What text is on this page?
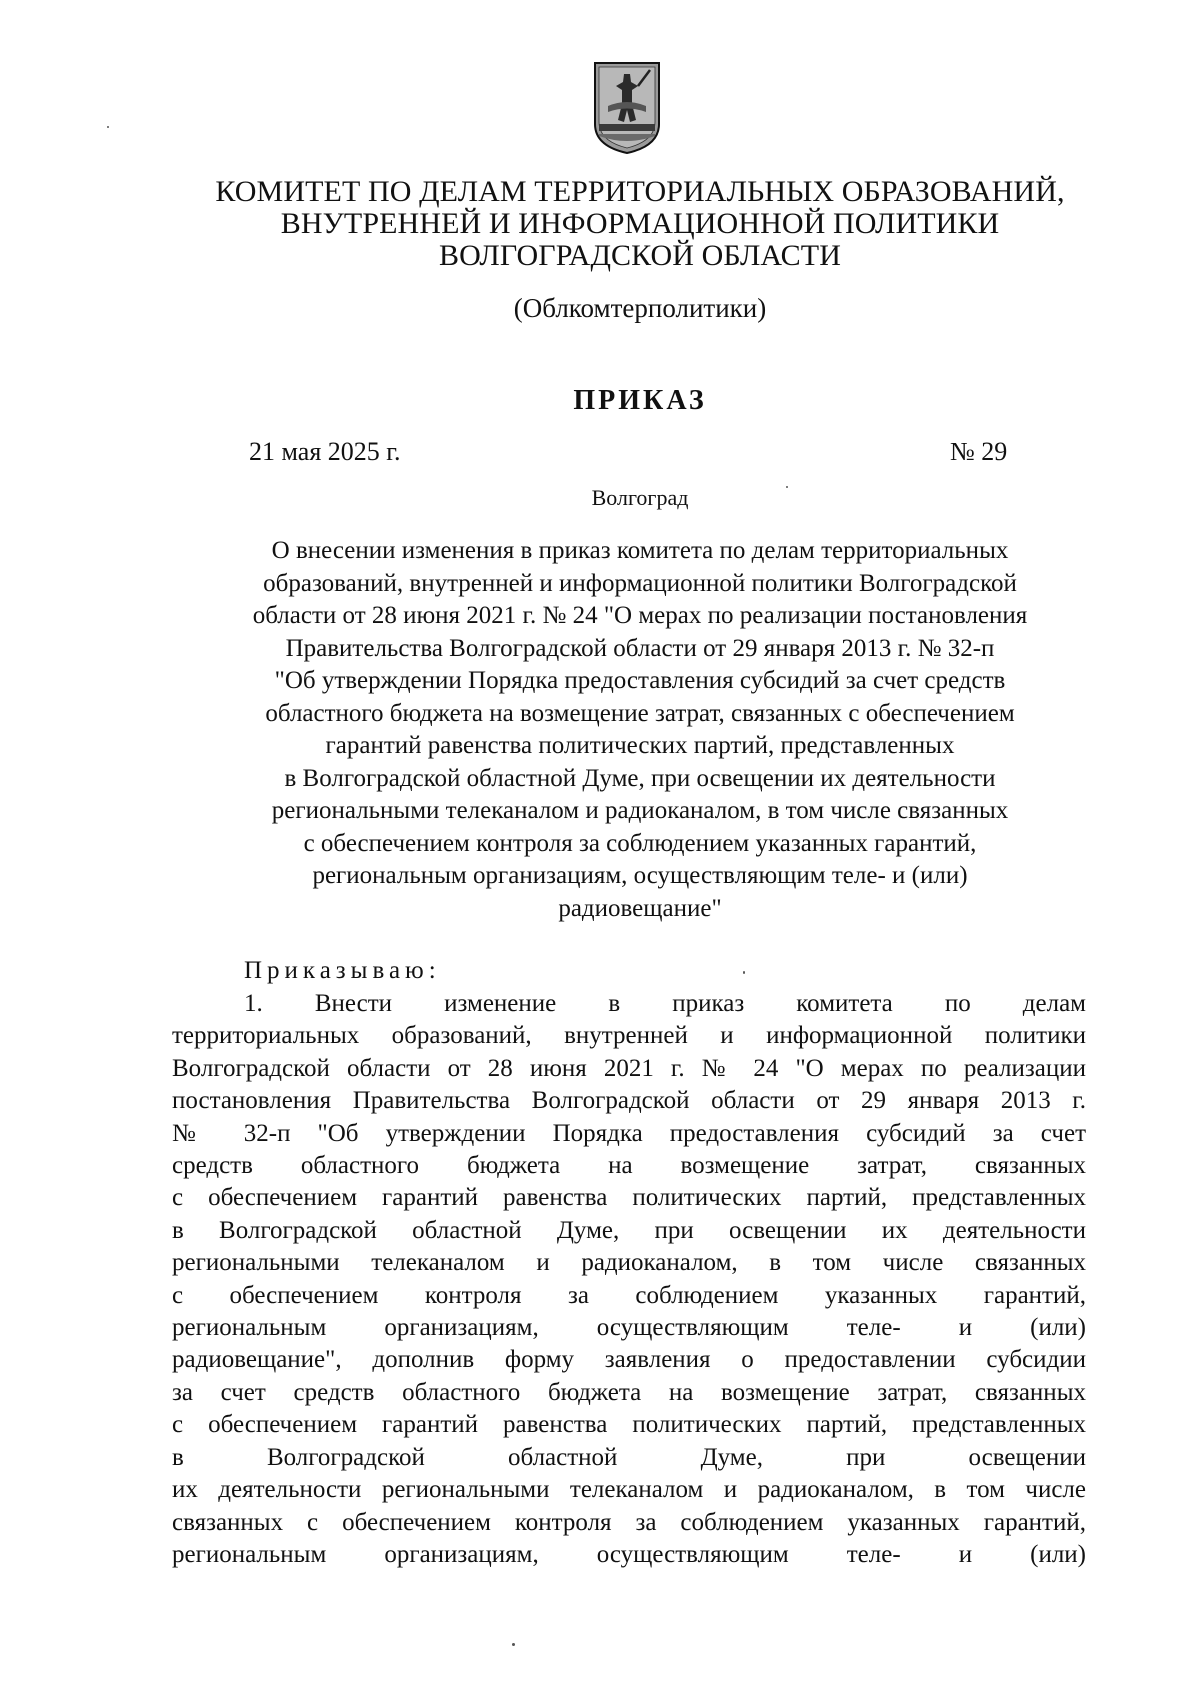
КОМИТЕТ ПО ДЕЛАМ ТЕРРИТОРИАЛЬНЫХ ОБРАЗОВАНИЙ,
ВНУТРЕННЕЙ И ИНФОРМАЦИОННОЙ ПОЛИТИКИ
ВОЛГОГРАДСКОЙ ОБЛАСТИ
(Облкомтерполитики)
ПРИКАЗ
21 мая 2025 г.	№ 29
Волгоград
О внесении изменения в приказ комитета по делам территориальных
образований, внутренней и информационной политики Волгоградской
области от 28 июня 2021 г. № 24 "О мерах по реализации постановления
Правительства Волгоградской области от 29 января 2013 г. № 32-п
"Об утверждении Порядка предоставления субсидий за счет средств
областного бюджета на возмещение затрат, связанных с обеспечением
гарантий равенства политических партий, представленных
в Волгоградской областной Думе, при освещении их деятельности
региональными телеканалом и радиоканалом, в том числе связанных
с обеспечением контроля за соблюдением указанных гарантий,
региональным организациям, осуществляющим теле- и (или)
радиовещание"
Приказываю:
1. Внести изменение в приказ комитета по делам
территориальных образований, внутренней и информационной политики
Волгоградской области от 28 июня 2021 г. № 24 "О мерах по реализации
постановления Правительства Волгоградской области от 29 января 2013 г.
№ 32-п "Об утверждении Порядка предоставления субсидий за счет
средств областного бюджета на возмещение затрат, связанных
с обеспечением гарантий равенства политических партий, представленных
в Волгоградской областной Думе, при освещении их деятельности
региональными телеканалом и радиоканалом, в том числе связанных
с обеспечением контроля за соблюдением указанных гарантий,
региональным организациям, осуществляющим теле- и (или)
радиовещание", дополнив форму заявления о предоставлении субсидии
за счет средств областного бюджета на возмещение затрат, связанных
с обеспечением гарантий равенства политических партий, представленных
в Волгоградской областной Думе, при освещении
их деятельности региональными телеканалом и радиоканалом, в том числе
связанных с обеспечением контроля за соблюдением указанных гарантий,
региональным организациям, осуществляющим теле- и (или)
